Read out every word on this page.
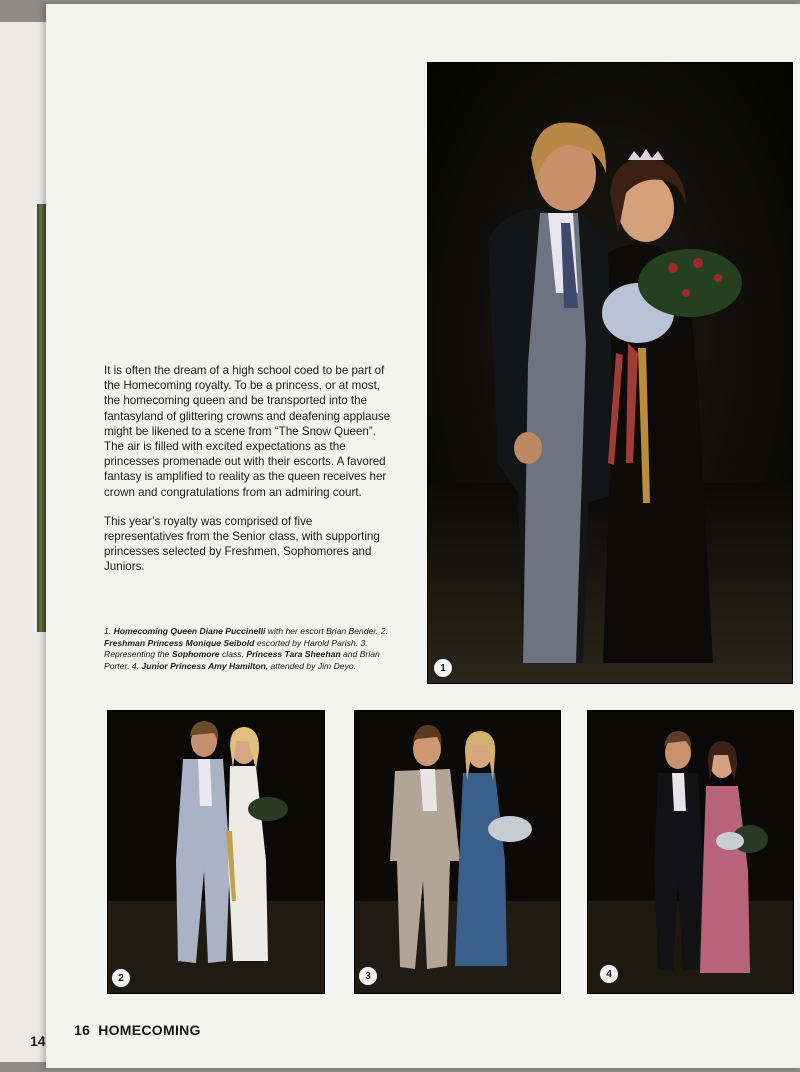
14
1

It is often the dream of a high school coed to be part of the Homecoming royalty. To be a princess, or at most, the homecoming queen and be transported into the fantasyland of glittering crowns and deafening applause might be likened to a scene from “The Snow Queen”. The air is filled with excited expectations as the princesses promenade out with their escorts. A favored fantasy is amplified to reality as the queen receives her crown and congratulations from an admiring court.

This year’s royalty was comprised of five representatives from the Senior class, with supporting princesses selected by Freshmen, Sophomores and Juniors.

1. Homecoming Queen Diane Puccinelli with her escort Brian Bender. 2. Freshman Princess Monique Seibold escorted by Harold Parish. 3. Representing the Sophomore class, Princess Tara Sheehan and Brian Porter. 4. Junior Princess Amy Hamilton, attended by Jim Deyo.
2	3	4
16 HOMECOMING
